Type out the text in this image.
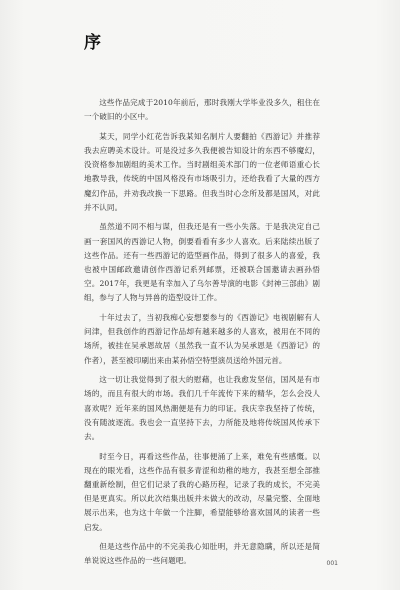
序

这些作品完成于2010年前后，那时我刚大学毕业没多久，租住在一个破旧的小区中。

某天，同学小红花告诉我某知名制片人要翻拍《西游记》并推荐我去应聘美术设计。可是没过多久我便被告知设计的东西不够魔幻，没资格参加剧组的美术工作。当时剧组美术部门的一位老师语重心长地教导我，传统的中国风格没有市场吸引力，还给我看了大量的西方魔幻作品，并劝我改换一下思路。但我当时心念所及都是国风，对此并不认同。

虽然道不同不相与谋，但我还是有一些小失落。于是我决定自己画一套国风的西游记人物，倒要看看有多少人喜欢。后来陆续出版了这些作品。还有一些西游记的造型画作品，得到了很多人的喜爱，我也被中国邮政邀请创作西游记系列邮票，还被联合国邀请去画孙悟空。2017年，我更是有幸加入了乌尔善导演的电影《封神三部曲》剧组，参与了人物与异兽的造型设计工作。

十年过去了，当初我痴心妄想要参与的《西游记》电视剧解有人问津，但我创作的西游记作品却有越来越多的人喜欢，被用在不同的场所，被挂在吴承恩故居（虽然我一直不认为吴承恩是《西游记》的作者），甚至被印刷出来由某孙悟空特型演员送给外国元首。

这一切让我觉得到了很大的慰藉，也让我愈发坚信，国风是有市场的，而且有很大的市场。我们几千年流传下来的精华，怎么会没人喜欢呢？近年来的国风热潮便是有力的印证。我庆幸我坚持了传统，没有随波逐流。我也会一直坚持下去，力所能及地将传统国风传承下去。

时至今日，再看这些作品，往事便涌了上来，难免有些感慨。以现在的眼光看，这些作品有很多青涩和幼稚的地方，我甚至想全部推翻重新绘制，但它们记录了我的心路历程，记录了我的成长，不完美但是更真实。所以此次结集出版并未做大的改动，尽量完整、全面地展示出来，也为这十年做一个注脚，希望能够给喜欢国风的读者一些启发。

但是这些作品中的不完美我心知肚明，并无意隐瞒，所以还是简单说说这些作品的一些问题吧。	001
